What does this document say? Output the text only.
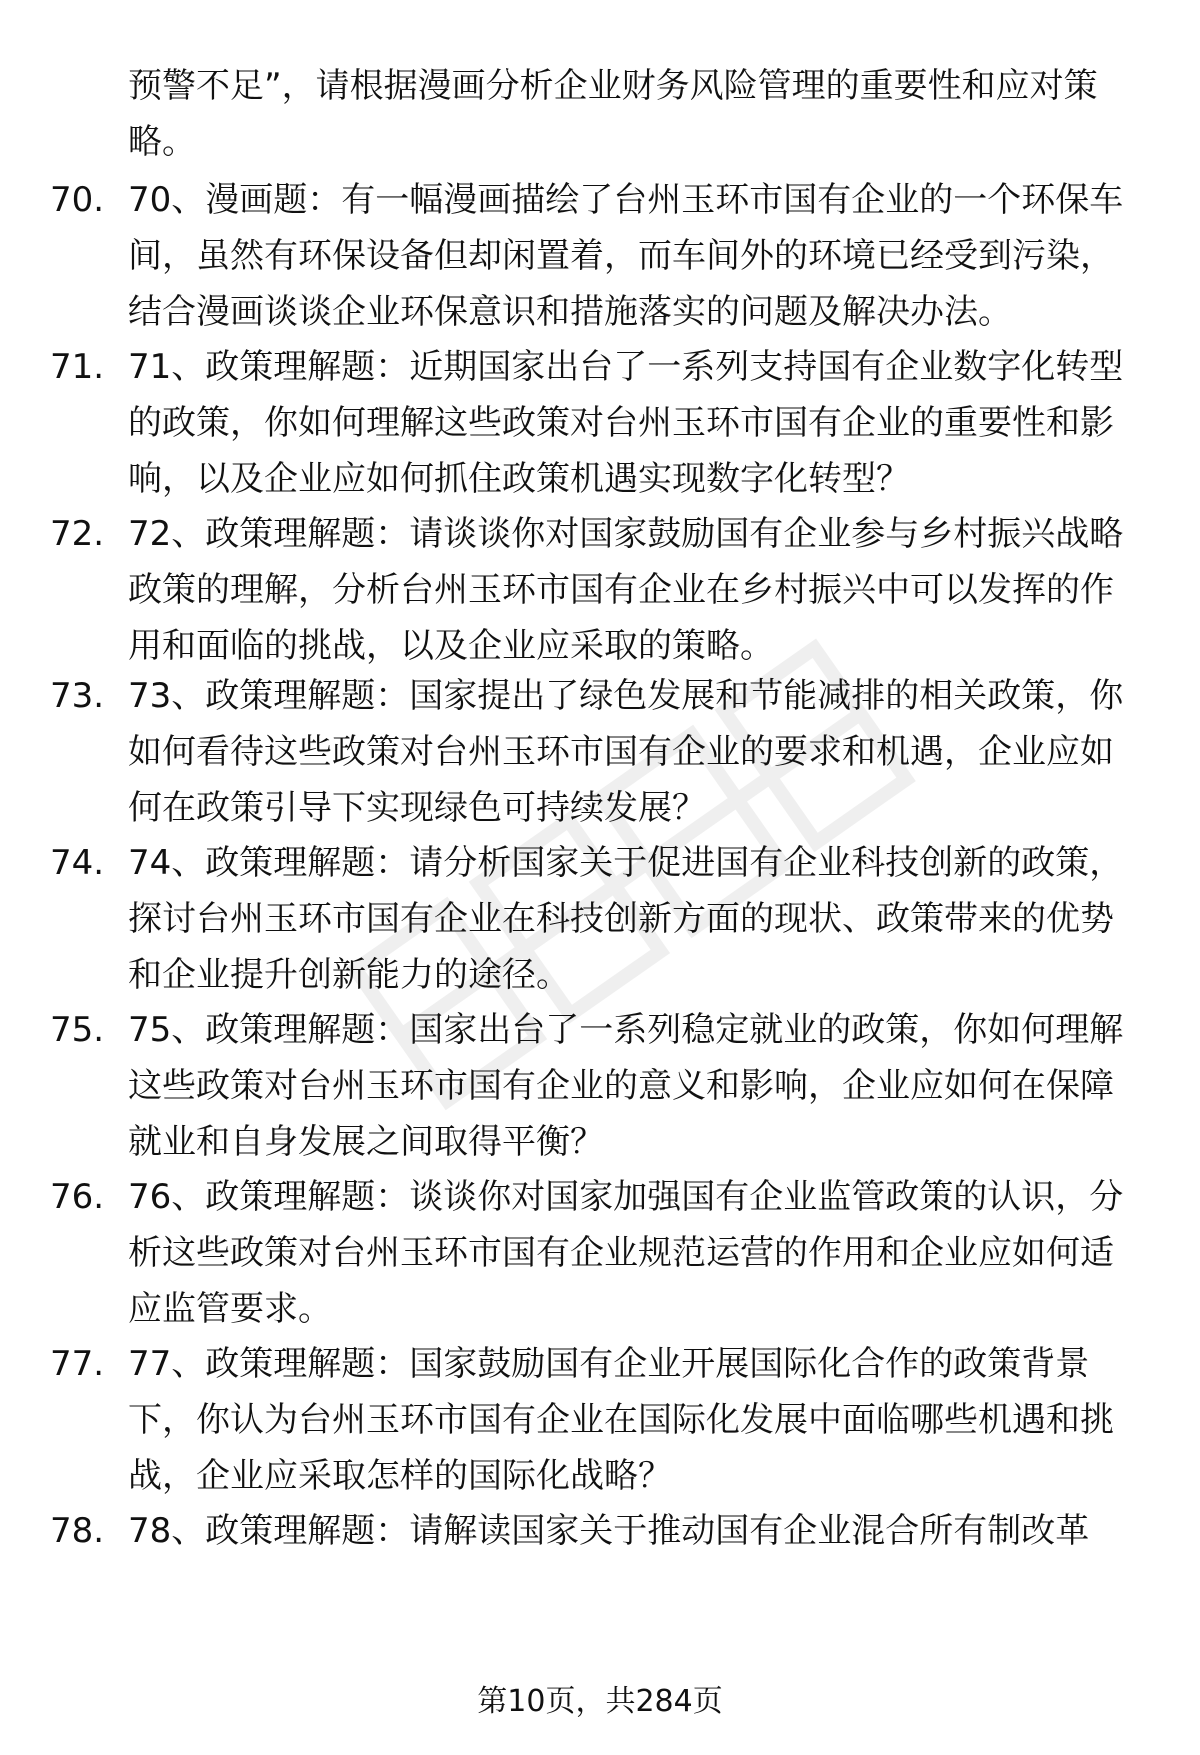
预警不足”，请根据漫画分析企业财务风险管理的重要性和应对策略。

70. 70、漫画题：有一幅漫画描绘了台州玉环市国有企业的一个环保车间，虽然有环保设备但却闲置着，而车间外的环境已经受到污染，结合漫画谈谈企业环保意识和措施落实的问题及解决办法。

71. 71、政策理解题：近期国家出台了一系列支持国有企业数字化转型的政策，你如何理解这些政策对台州玉环市国有企业的重要性和影响，以及企业应如何抓住政策机遇实现数字化转型？

72. 72、政策理解题：请谈谈你对国家鼓励国有企业参与乡村振兴战略政策的理解，分析台州玉环市国有企业在乡村振兴中可以发挥的作用和面临的挑战，以及企业应采取的策略。

73. 73、政策理解题：国家提出了绿色发展和节能减排的相关政策，你如何看待这些政策对台州玉环市国有企业的要求和机遇，企业应如何在政策引导下实现绿色可持续发展？

74. 74、政策理解题：请分析国家关于促进国有企业科技创新的政策，探讨台州玉环市国有企业在科技创新方面的现状、政策带来的优势和企业提升创新能力的途径。

75. 75、政策理解题：国家出台了一系列稳定就业的政策，你如何理解这些政策对台州玉环市国有企业的意义和影响，企业应如何在保障就业和自身发展之间取得平衡？

76. 76、政策理解题：谈谈你对国家加强国有企业监管政策的认识，分析这些政策对台州玉环市国有企业规范运营的作用和企业应如何适应监管要求。

77. 77、政策理解题：国家鼓励国有企业开展国际化合作的政策背景下，你认为台州玉环市国有企业在国际化发展中面临哪些机遇和挑战，企业应采取怎样的国际化战略？

78. 78、政策理解题：请解读国家关于推动国有企业混合所有制改革

第10页，共284页
